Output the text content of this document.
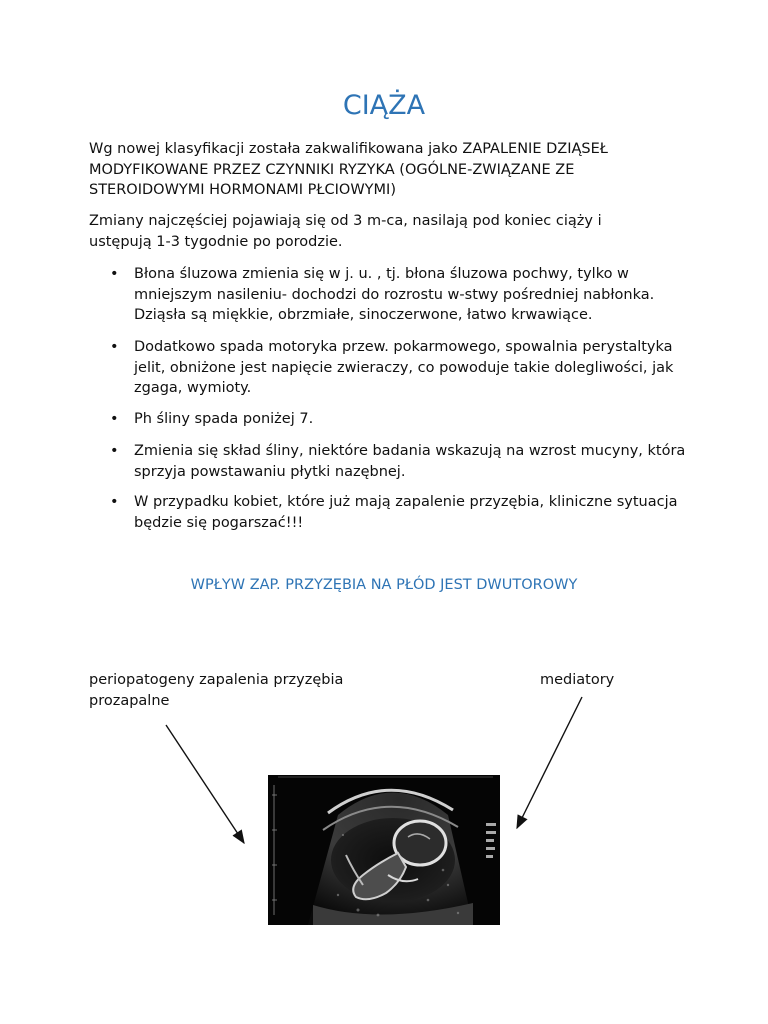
CIĄŻA

Wg nowej klasyfikacji została zakwalifikowana jako ZAPALENIE DZIĄSEŁ MODYFIKOWANE PRZEZ CZYNNIKI RYZYKA (OGÓLNE-ZWIĄZANE ZE STEROIDOWYMI HORMONAMI PŁCIOWYMI)

Zmiany najczęściej pojawiają się od 3 m-ca, nasilają pod koniec ciąży i ustępują 1-3 tygodnie po porodzie.

•	Błona śluzowa zmienia się w j. u. , tj. błona śluzowa pochwy, tylko w mniejszym nasileniu- dochodzi do rozrostu w-stwy pośredniej nabłonka. Dziąsła są miękkie, obrzmiałe, sinoczerwone, łatwo krwawiące.
•	Dodatkowo spada motoryka przew. pokarmowego, spowalnia perystaltyka jelit, obniżone jest napięcie zwieraczy, co powoduje takie dolegliwości, jak zgaga, wymioty.
•	Ph śliny spada poniżej 7.
•	Zmienia się skład śliny, niektóre badania wskazują na wzrost mucyny, która sprzyja powstawaniu płytki nazębnej.
•	W przypadku kobiet, które już mają zapalenie przyzębia, kliniczne sytuacja będzie się pogarszać!!!
WPŁYW ZAP. PRZYZĘBIA NA PŁÓD JEST DWUTOROWY
periopatogeny zapalenia przyzębia prozapalne
mediatory
